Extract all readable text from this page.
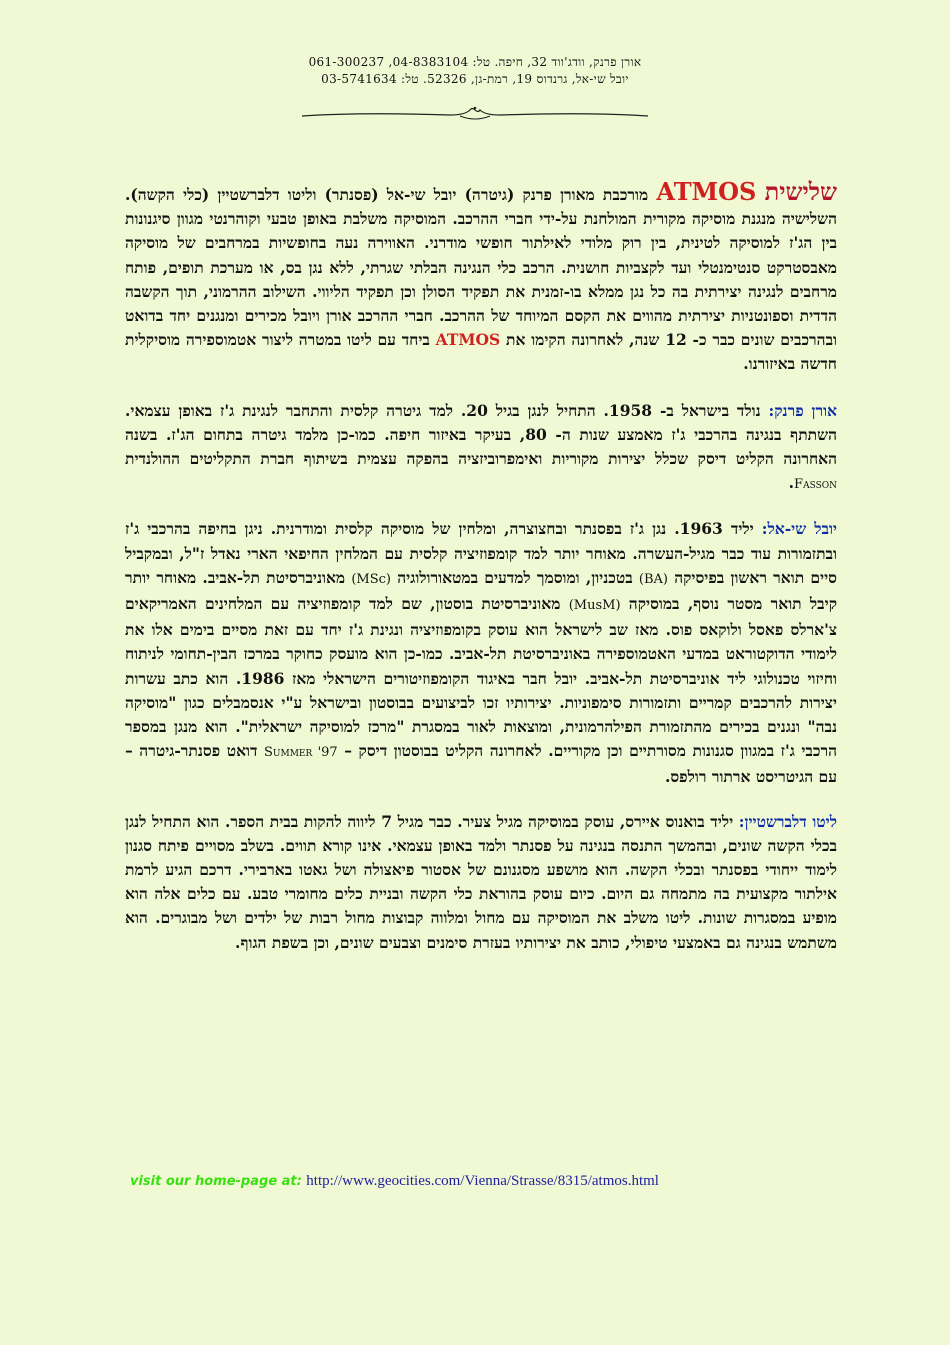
אורן פרנק, וודג'ווד 32, חיפה. טל: 04-8383104, 061-300237
יובל שי-אל, גרנדוס 19, רמת-גן, 52326. טל: 03-5741634

שלישית ATMOS מורכבת מאורן פרנק (גיטרה) יובל שי-אל (פסנתר) וליטו דלברשטיין (כלי הקשה). השלישיה מנגנת מוסיקה מקורית המולחנת על-ידי חברי ההרכב. המוסיקה משלבת באופן טבעי וקוהרנטי מגוון סיגנונות בין הג'ז למוסיקה לטינית, בין רוק מלודי לאילתור חופשי מודרני. האווירה נעה בחופשיות במרחבים של מוסיקה מאבסטרקט סנטימנטלי ועד לקצביות חושנית. הרכב כלי הנגינה הבלתי שגרתי, ללא נגן בס, או מערכת תופים, פותח מרחבים לנגינה יצירתית בה כל נגן ממלא בו-זמנית את תפקיד הסולן וכן תפקיד הליווי. השילוב ההרמוני, תוך הקשבה הדדית וספונטניות יצירתית מהווים את הקסם המיוחד של ההרכב. חברי ההרכב אורן ויובל מכירים ומנגנים יחד בדואט ובהרכבים שונים כבר כ- 12 שנה, לאחרונה הקימו את ATMOS ביחד עם ליטו במטרה ליצור אטמוספירה מוסיקלית חדשה באיזורנו.

אורן פרנק: נולד בישראל ב- 1958. התחיל לנגן בגיל 20. למד גיטרה קלסית והתחבר לנגינת ג'ז באופן עצמאי. השתתף בנגינה בהרכבי ג'ז מאמצע שנות ה- 80, בעיקר באיזור חיפה. כמו-כן מלמד גיטרה בתחום הג'ז. בשנה האחרונה הקליט דיסק שכלל יצירות מקוריות ואימפרוביזציה בהפקה עצמית בשיתוף חברת התקליטים ההולנדית Fasson.

יובל שי-אל: יליד 1963. נגן ג'ז בפסנתר ובחצוצרה, ומלחין של מוסיקה קלסית ומודרנית. ניגן בחיפה בהרכבי ג'ז ובתזמורות עוד כבר מגיל-העשרה. מאוחר יותר למד קומפוזיציה קלסית עם המלחין החיפאי הארי נאדל ז"ל, ובמקביל סיים תואר ראשון בפיסיקה (BA) בטכניון, ומוסמך למדעים במטאורולוגיה (MSc) מאוניברסיטת תל-אביב. מאוחר יותר קיבל תואר מסטר נוסף, במוסיקה (MusM) מאוניברסיטת בוסטון, שם למד קומפוזיציה עם המלחינים האמריקאים צ'ארלס פאסל ולוקאס פוס. מאז שב לישראל הוא עוסק בקומפוזיציה ונגינת ג'ז יחד עם זאת מסיים בימים אלו את לימודי הדוקטוראט במדעי האטמוספירה באוניברסיטת תל-אביב. כמו-כן הוא מועסק כחוקר במרכז הבין-תחומי לניתוח וחיזוי טכנולוגי ליד אוניברסיטת תל-אביב. יובל חבר באיגוד הקומפוזיטורים הישראלי מאז 1986. הוא כתב עשרות יצירות להרכבים קמריים ותזמורות סימפוניות. יצירותיו זכו לביצועים בבוסטון ובישראל ע"י אנסמבלים כגון "מוסיקה נבה" ונגנים בכירים מהתזמורת הפילהרמונית, ומוצאות לאור במסגרת "מרכז למוסיקה ישראלית". הוא מנגן במספר הרכבי ג'ז במגוון סגנונות מסורתיים וכן מקוריים. לאחרונה הקליט בבוסטון דיסק – Summer '97 דואט פסנתר-גיטרה – עם הגיטריסט ארתור רולפס.

ליטו דלברשטיין: יליד בואנוס איירס, עוסק במוסיקה מגיל צעיר. כבר מגיל 7 ליווה להקות בבית הספר. הוא התחיל לנגן בכלי הקשה שונים, ובהמשך התנסה בנגינה על פסנתר ולמד באופן עצמאי. אינו קורא תווים. בשלב מסויים פיתח סגנון לימוד ייחודי בפסנתר ובכלי הקשה. הוא מושפע מסגנונם של אסטור פיאצולה ושל גאטו בארבירי. דרכם הגיע לרמת אילתור מקצועית בה מתמחה גם היום. כיום עוסק בהוראת כלי הקשה ובניית כלים מחומרי טבע. עם כלים אלה הוא מופיע במסגרות שונות. ליטו משלב את המוסיקה עם מחול ומלווה קבוצות מחול רבות של ילדים ושל מבוגרים. הוא משתמש בנגינה גם באמצעי טיפולי, כותב את יצירותיו בעזרת סימנים וצבעים שונים, וכן בשפת הגוף.

visit our home-page at: http://www.geocities.com/Vienna/Strasse/8315/atmos.html
